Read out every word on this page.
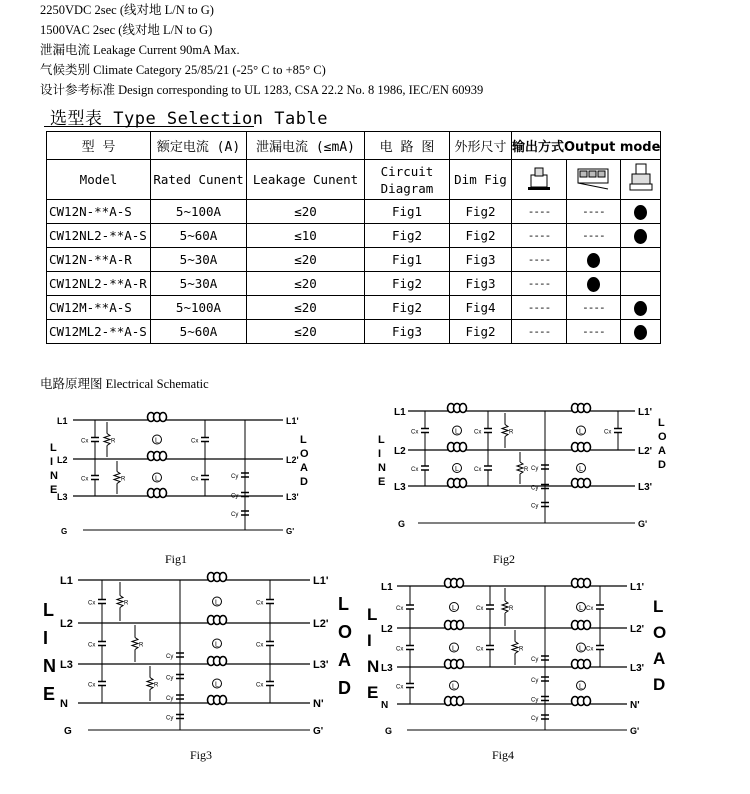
2250VDC 2sec (线对地 L/N to G)
1500VAC 2sec (线对地 L/N to G)
泄漏电流 Leakage Current 90mA Max.
气候类别 Climate Category 25/85/21 (-25° C to +85° C)
设计参考标准 Design corresponding to UL 1283, CSA 22.2 No. 8 1986, IEC/EN 60939
选型表 Type Selection Table
型 号	额定电流 (A)	泄漏电流 (≤mA)	电 路 图	外形尺寸	输出方式Output mode		
Model	Rated Cunent	Leakage Cunent	Circuit Diagram	Dim Fig			
CW12N-**A-S	5~100A	≤20	Fig1	Fig2	----	----	
CW12NL2-**A-S	5~60A	≤10	Fig2	Fig2	----	----	
CW12N-**A-R	5~30A	≤20	Fig1	Fig3	----		
CW12NL2-**A-R	5~30A	≤20	Fig2	Fig3	----		
CW12M-**A-S	5~100A	≤20	Fig2	Fig4	----	----	
CW12ML2-**A-S	5~60A	≤20	Fig3	Fig2	----	----	
电路原理图 Electrical Schematic
L1	L1'
L2	L2'
L3	L3'
G	G'
L
L
Cx
Cx
Cx
Cx
R
R	Cy
Cy
Cy
L
I
N
E
L
O
A
D
Fig1
L1	L1'
L2	L2'
L3	L3'
G	G'
L
L
L
L
Cx
Cx
Cx
Cx
Cx
R
R Cy
Cy
Cy
L
I
N
E
L
O
A
D
Fig2
L1	L1'
L2	L2'
L3	L3'
N	N'
G	G'
L
L
L
Cx
Cx
Cx
Cx
Cx
Cx
R
R
R
Cy
Cy
Cy
Cy
L
I
N
E
L
O
A
D
Fig3
L1	L1'
L2	L2'
L3	L3'
N	N'
G	G'
L
L
L
L
L
L
Cx
Cx
Cx
Cx
Cx
Cx
Cx
R
R
Cy
Cy
Cy
Cy
L
I
N
E
L
O
A
D
Fig4
